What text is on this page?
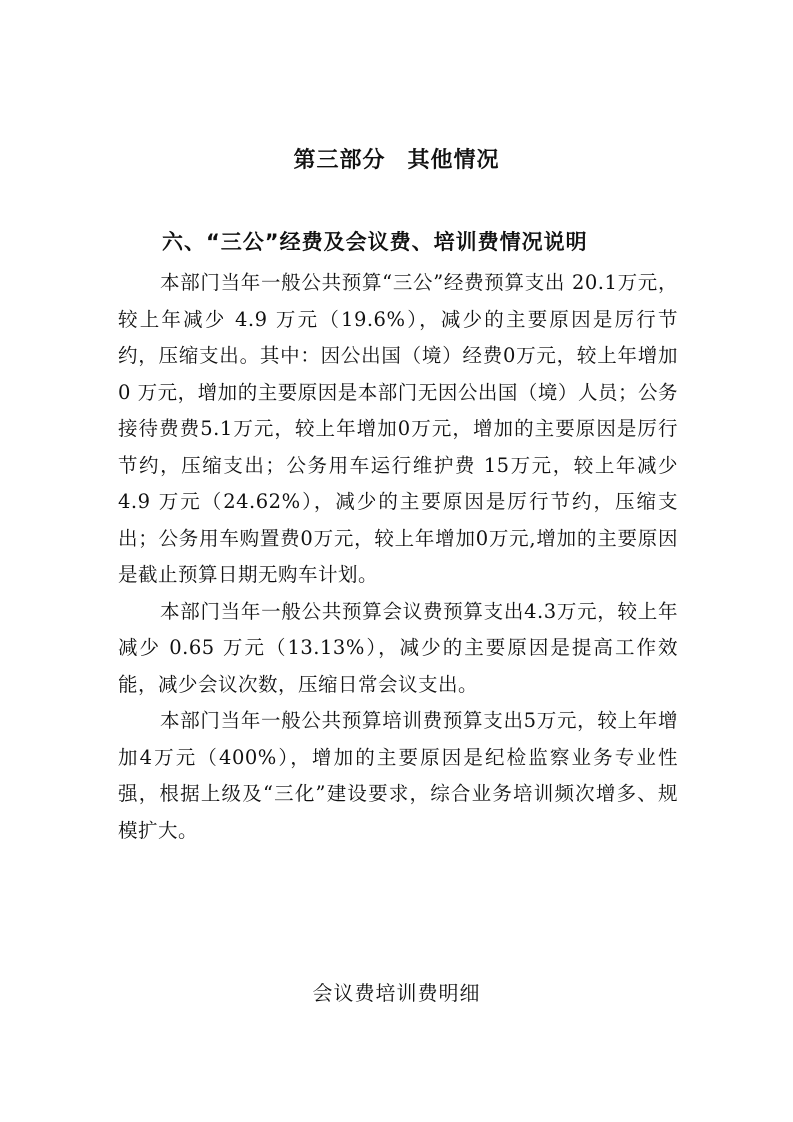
第三部分 其他情况
六、“三公”经费及会议费、培训费情况说明

本部门当年一般公共预算“三公”经费预算支出 20.1万元，较上年减少 4.9 万元（19.6%），减少的主要原因是厉行节约，压缩支出。其中：因公出国（境）经费0万元，较上年增加 0 万元，增加的主要原因是本部门无因公出国（境）人员；公务接待费费5.1万元，较上年增加0万元，增加的主要原因是厉行节约，压缩支出；公务用车运行维护费 15万元，较上年减少 4.9 万元（24.62%），减少的主要原因是厉行节约，压缩支出；公务用车购置费0万元，较上年增加0万元,增加的主要原因是截止预算日期无购车计划。

本部门当年一般公共预算会议费预算支出4.3万元，较上年减少 0.65 万元（13.13%），减少的主要原因是提高工作效能，减少会议次数，压缩日常会议支出。

本部门当年一般公共预算培训费预算支出5万元，较上年增加4万元（400%），增加的主要原因是纪检监察业务专业性强，根据上级及“三化”建设要求，综合业务培训频次增多、规模扩大。

会议费培训费明细
